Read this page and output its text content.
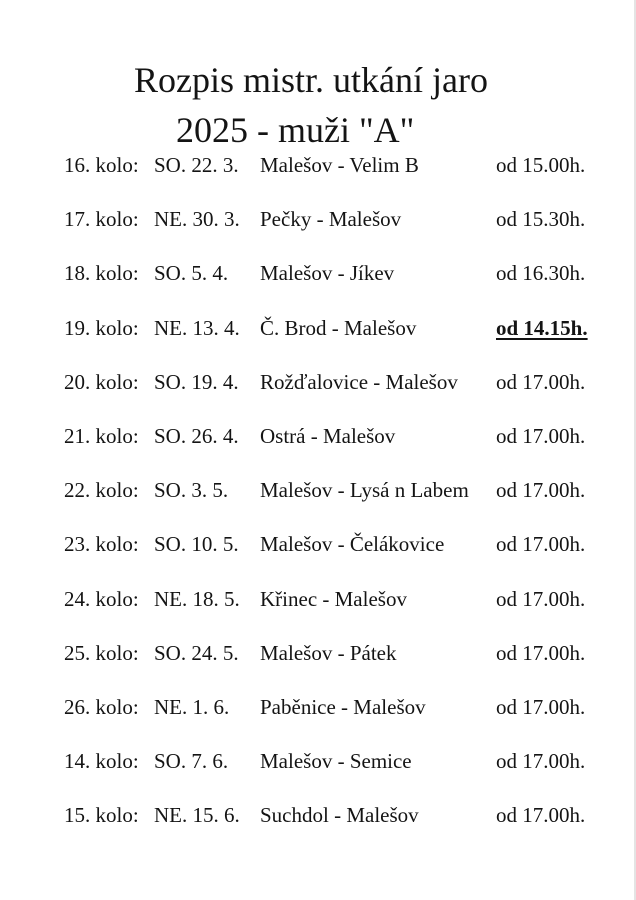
Rozpis mistr. utkání jaro
2025 - muži "A"
16. kolo: SO. 22. 3. Malešov - Velim B	od 15.00h.
17. kolo: NE. 30. 3. Pečky - Malešov	od 15.30h.
18. kolo: SO. 5. 4. Malešov - Jíkev	od 16.30h.
19. kolo: NE. 13. 4. Č. Brod - Malešov	od 14.15h.
20. kolo: SO. 19. 4. Rožďalovice - Malešov od 17.00h.
21. kolo: SO. 26. 4. Ostrá - Malešov	od 17.00h.
22. kolo: SO. 3. 5. Malešov - Lysá n Labem od 17.00h.
23. kolo: SO. 10. 5. Malešov - Čelákovice od 17.00h.
24. kolo: NE. 18. 5. Křinec - Malešov	od 17.00h.
25. kolo: SO. 24. 5. Malešov - Pátek	od 17.00h.
26. kolo: NE. 1. 6. Paběnice - Malešov	od 17.00h.
14. kolo: SO. 7. 6. Malešov - Semice	od 17.00h.
15. kolo: NE. 15. 6. Suchdol - Malešov	od 17.00h.
